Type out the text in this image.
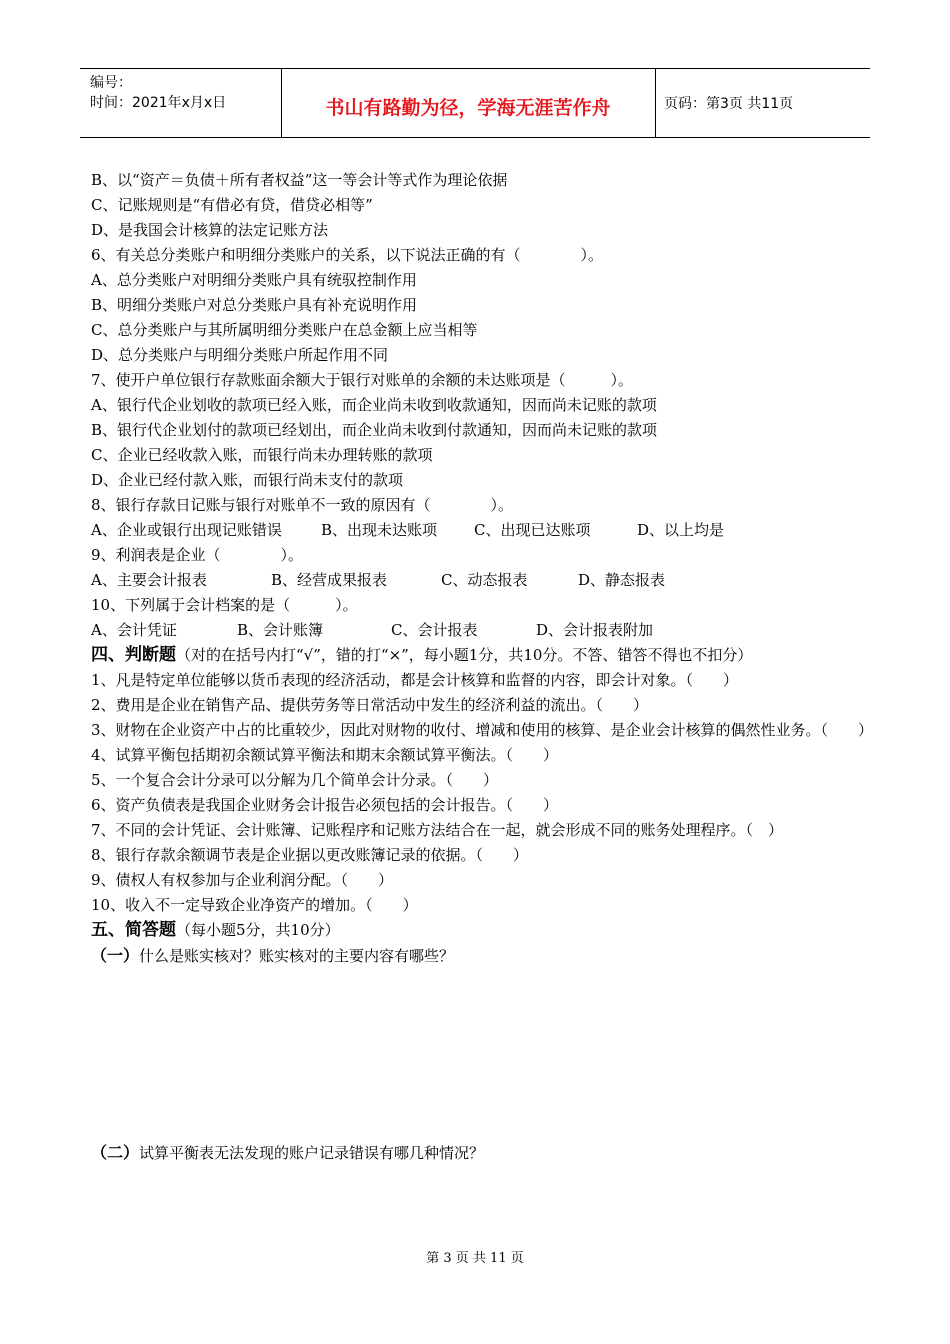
编号：
时间：2021年x月x日	书山有路勤为径，学海无涯苦作舟	页码：第3页 共11页
B、以“资产＝负债＋所有者权益”这一等会计等式作为理论依据
C、记账规则是“有借必有贷，借贷必相等”
D、是我国会计核算的法定记账方法
6、有关总分类账户和明细分类账户的关系，以下说法正确的有（　　　　）。
A、总分类账户对明细分类账户具有统驭控制作用
B、明细分类账户对总分类账户具有补充说明作用
C、总分类账户与其所属明细分类账户在总金额上应当相等
D、总分类账户与明细分类账户所起作用不同
7、使开户单位银行存款账面余额大于银行对账单的余额的未达账项是（　　　）。
A、银行代企业划收的款项已经入账，而企业尚未收到收款通知，因而尚未记账的款项
B、银行代企业划付的款项已经划出，而企业尚未收到付款通知，因而尚未记账的款项
C、企业已经收款入账，而银行尚未办理转账的款项
D、企业已经付款入账，而银行尚未支付的款项
8、银行存款日记账与银行对账单不一致的原因有（　　　　）。
A、企业或银行出现记账错误	B、出现未达账项 C、出现已达账项	D、以上均是
9、利润表是企业（　　　　）。
A、主要会计报表	B、经营成果报表	C、动态报表	D、静态报表
10、下列属于会计档案的是（　　　）。
A、会计凭证	B、会计账簿	C、会计报表	D、会计报表附加
四、判断题（对的在括号内打“√”，错的打“×”，每小题1分，共10分。不答、错答不得也不扣分）
1、凡是特定单位能够以货币表现的经济活动，都是会计核算和监督的内容，即会计对象。（　　）
2、费用是企业在销售产品、提供劳务等日常活动中发生的经济利益的流出。（　　）
3、财物在企业资产中占的比重较少，因此对财物的收付、增减和使用的核算、是企业会计核算的偶然性业务。（　　）
4、试算平衡包括期初余额试算平衡法和期末余额试算平衡法。（　　）
5、一个复合会计分录可以分解为几个简单会计分录。（　　）
6、资产负债表是我国企业财务会计报告必须包括的会计报告。（　　）
7、不同的会计凭证、会计账簿、记账程序和记账方法结合在一起，就会形成不同的账务处理程序。（　）
8、银行存款余额调节表是企业据以更改账簿记录的依据。（　　）
9、债权人有权参加与企业利润分配。（　　）
10、收入不一定导致企业净资产的增加。（　　）
五、简答题（每小题5分，共10分）
（一）什么是账实核对？账实核对的主要内容有哪些？
（二）试算平衡表无法发现的账户记录错误有哪几种情况？
第 3 页 共 11 页
